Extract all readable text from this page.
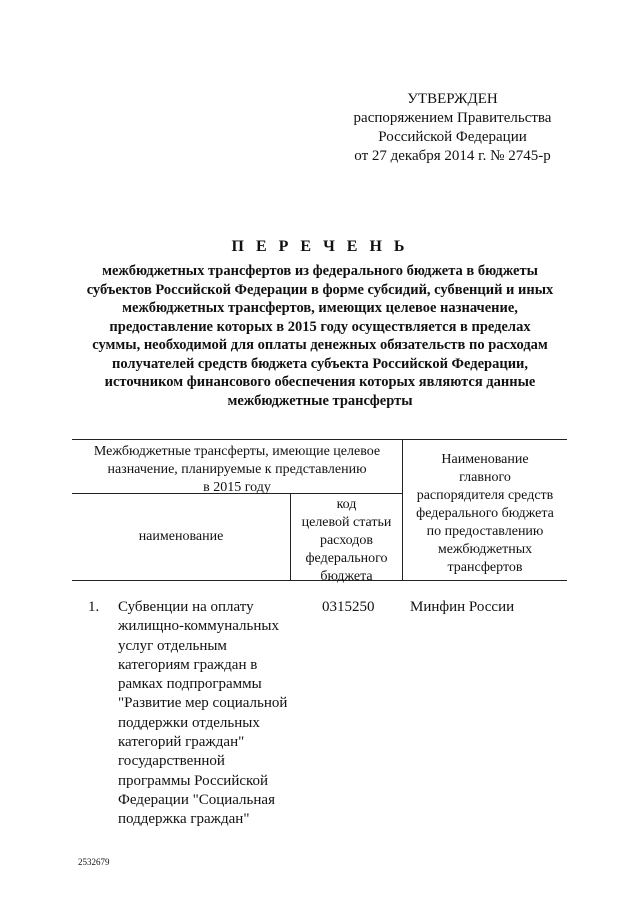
УТВЕРЖДЕН
распоряжением Правительства
Российской Федерации
от 27 декабря 2014 г. № 2745-р
П Е Р Е Ч Е Н Ь
межбюджетных трансфертов из федерального бюджета в бюджеты
субъектов Российской Федерации в форме субсидий, субвенций и иных
межбюджетных трансфертов, имеющих целевое назначение,
предоставление которых в 2015 году осуществляется в пределах
суммы, необходимой для оплаты денежных обязательств по расходам
получателей средств бюджета субъекта Российской Федерации,
источником финансового обеспечения которых являются данные
межбюджетные трансферты
Межбюджетные трансферты, имеющие целевое
назначение, планируемые к представлению
в 2015 году
наименование
код
целевой статьи
расходов
федерального
бюджета
Наименование
главного
распорядителя средств
федерального бюджета
по предоставлению
межбюджетных
трансфертов
1. Субвенции на оплату
жилищно-коммунальных
услуг отдельным
категориям граждан в
рамках подпрограммы
"Развитие мер социальной
поддержки отдельных
категорий граждан"
государственной
программы Российской
Федерации "Социальная
поддержка граждан"
0315250 Минфин России
2532679
